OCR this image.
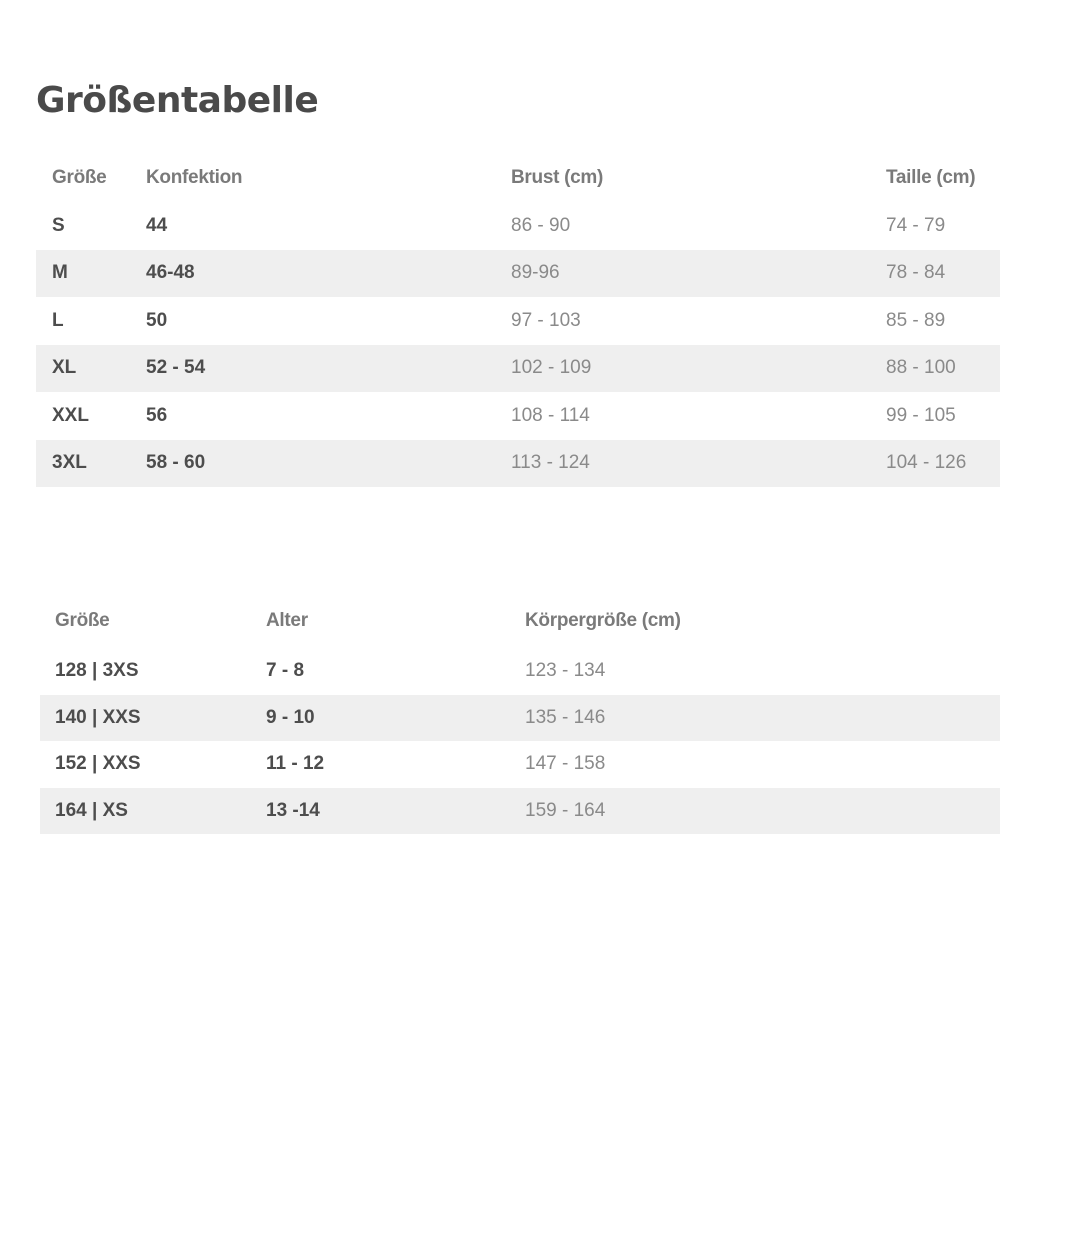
Größentabelle
Größe	Konfektion	Brust (cm)	Taille (cm)
S	44	86 - 90	74 - 79
M	46-48	89-96	78 - 84
L	50	97 - 103	85 - 89
XL	52 - 54	102 - 109	88 - 100
XXL	56	108 - 114	99 - 105
3XL	58 - 60	113 - 124	104 - 126
Größe	Alter	Körpergröße (cm)
128 | 3XS	7 - 8	123 - 134
140 | XXS	9 - 10	135 - 146
152 | XXS	11 - 12	147 - 158
164 | XS	13 -14	159 - 164
